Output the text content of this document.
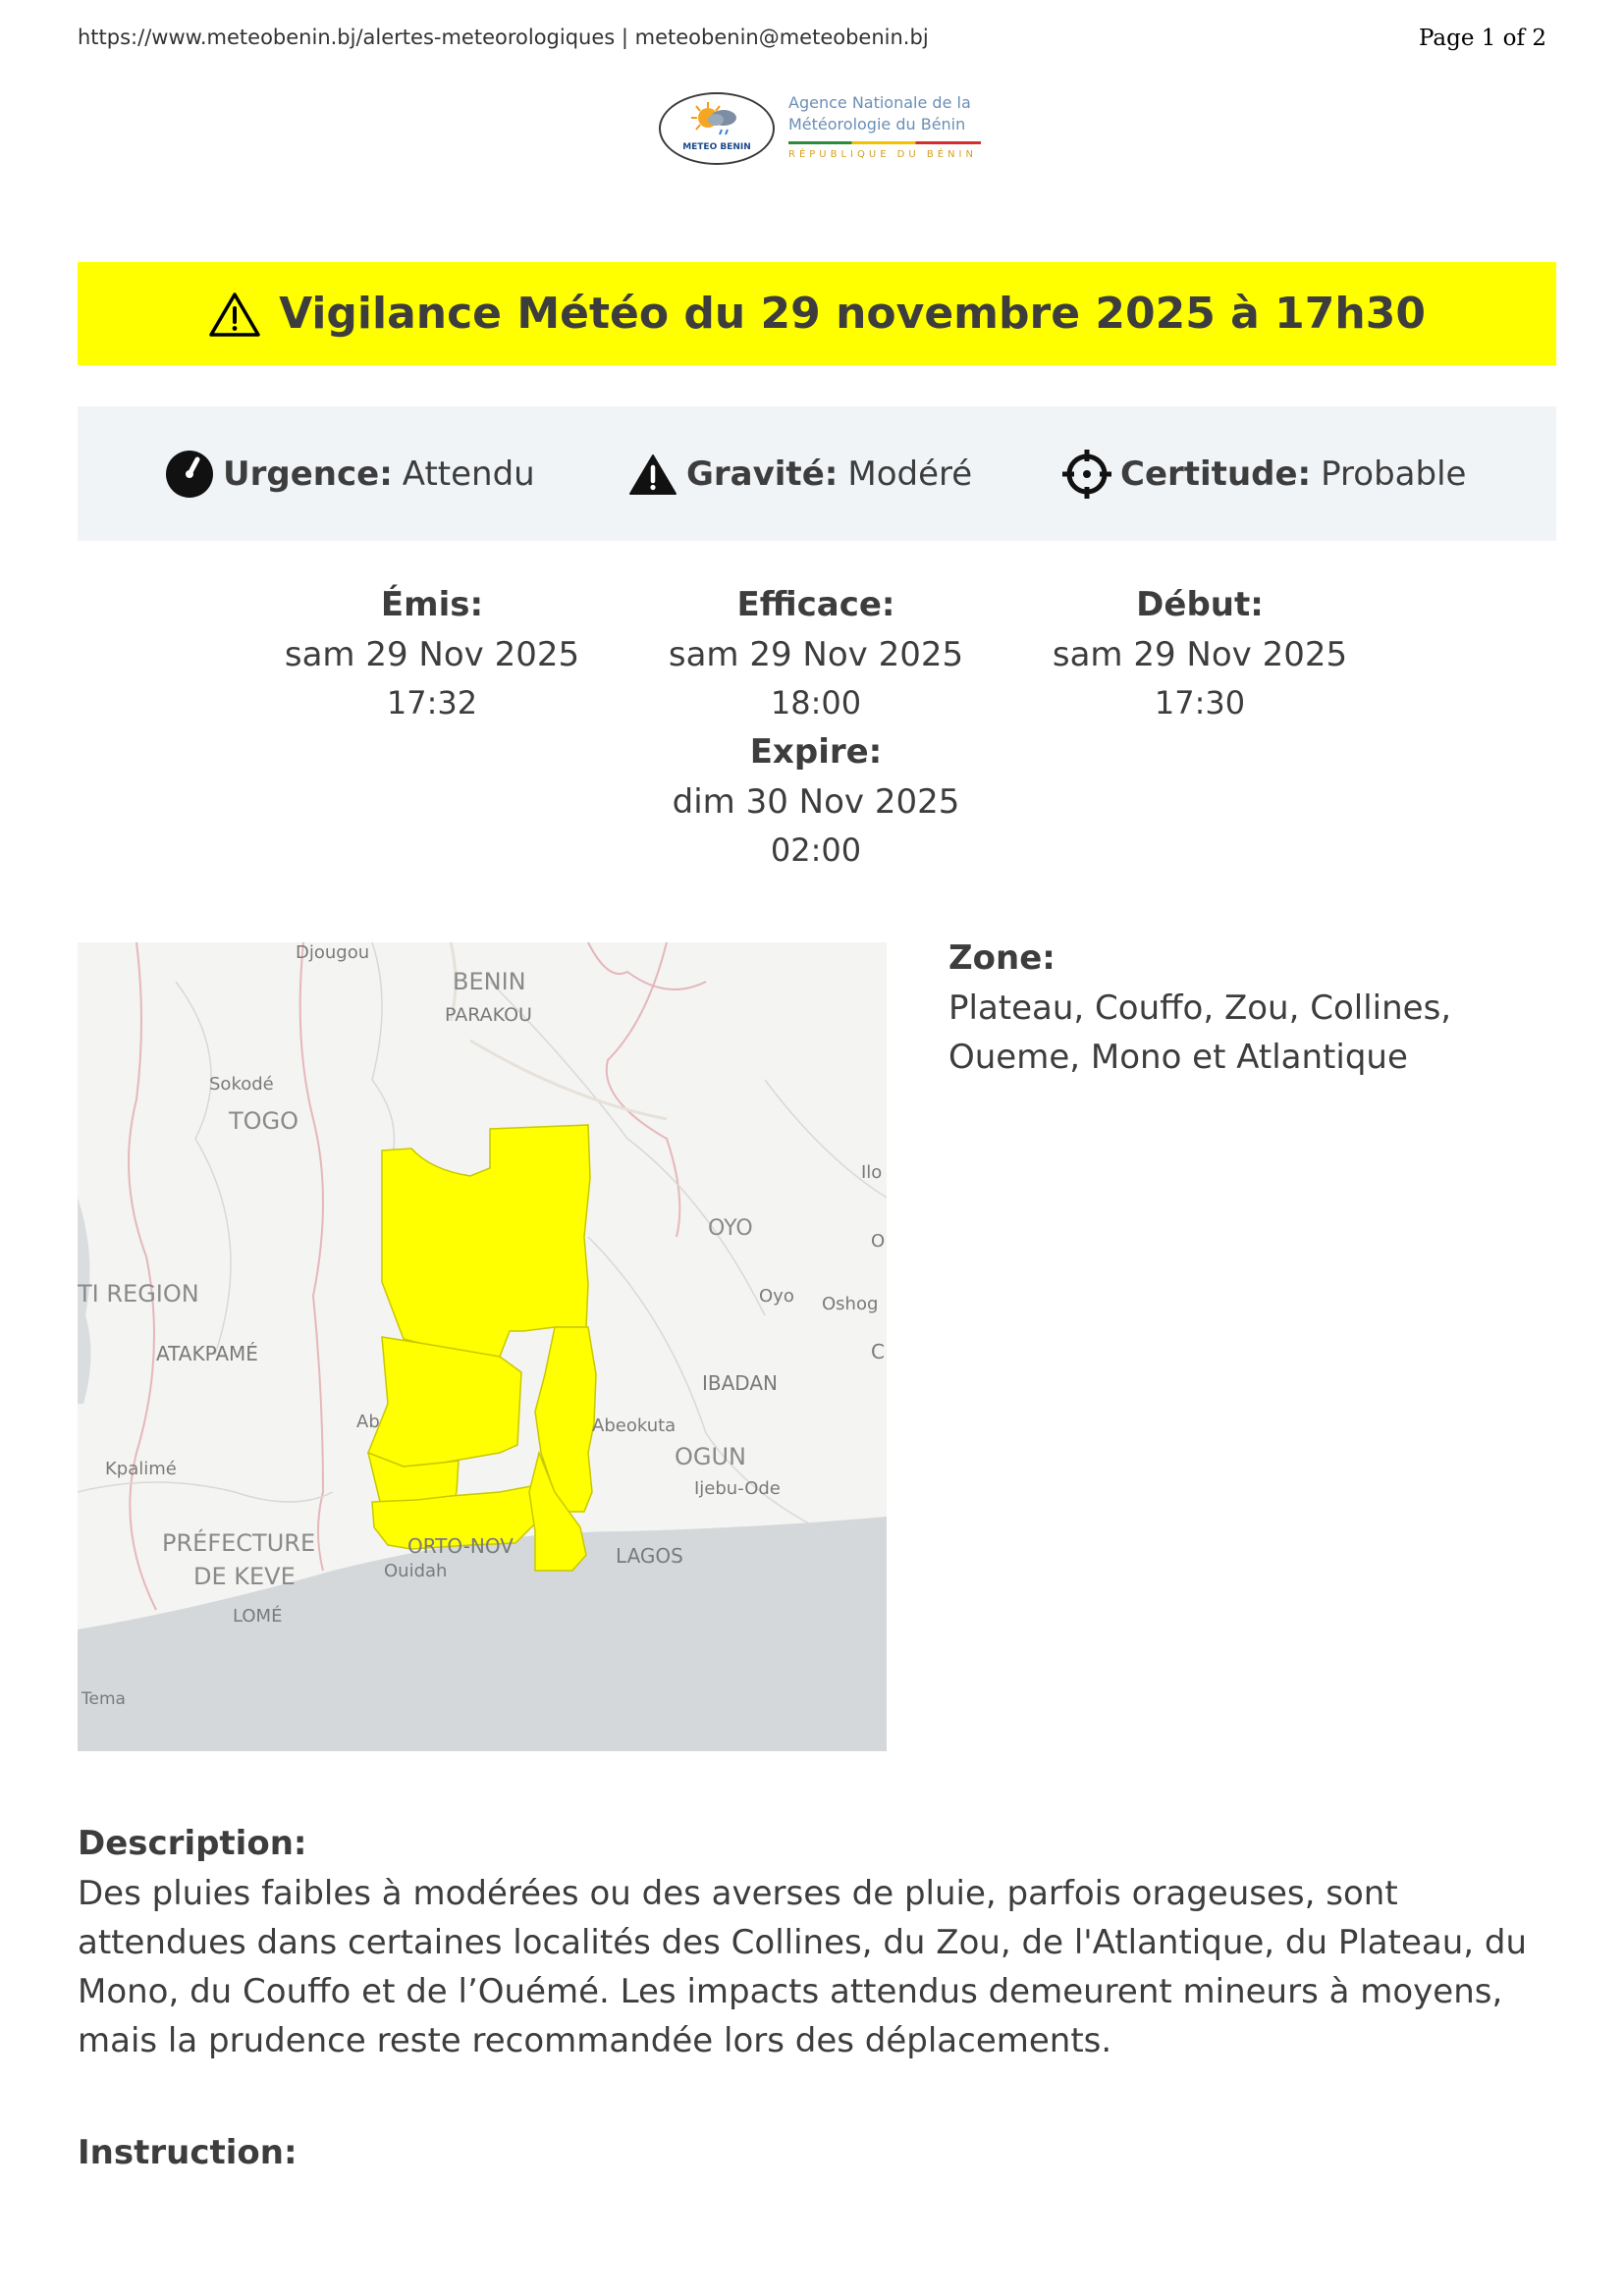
https://www.meteobenin.bj/alertes-meteorologiques | meteobenin@meteobenin.bj	Page 1 of 2
METEO BENIN
Agence Nationale de la
Météorologie du Bénin
RÉPUBLIQUE DU BÉNIN
Vigilance Météo du 29 novembre 2025 à 17h30
Urgence: Attendu	Gravité: Modéré	Certitude: Probable
Émis:
sam 29 Nov 2025
17:32
Efficace:
sam 29 Nov 2025
18:00
Expire:
dim 30 Nov 2025
02:00
Début:
sam 29 Nov 2025
17:30
Djougou
BENIN
PARAKOU
Sokodé
TOGO
Ilo
OYO
O
TI REGION	Oyo Oshog
C
ATAKPAMÉ
IBADAN
Ab	Abeokuta
OGUN
Kpalimé
Ijebu-Ode
PRÉFECTURE
DE KEVE
ORTO-NOV	LAGOS
Ouidah
LOMÉ
Tema
Zone:
Plateau, Couffo, Zou, Collines,
Oueme, Mono et Atlantique
Description:
Des pluies faibles à modérées ou des averses de pluie, parfois orageuses, sont
attendues dans certaines localités des Collines, du Zou, de l'Atlantique, du Plateau, du
Mono, du Couffo et de l’Ouémé. Les impacts attendus demeurent mineurs à moyens,
mais la prudence reste recommandée lors des déplacements.
Instruction:
